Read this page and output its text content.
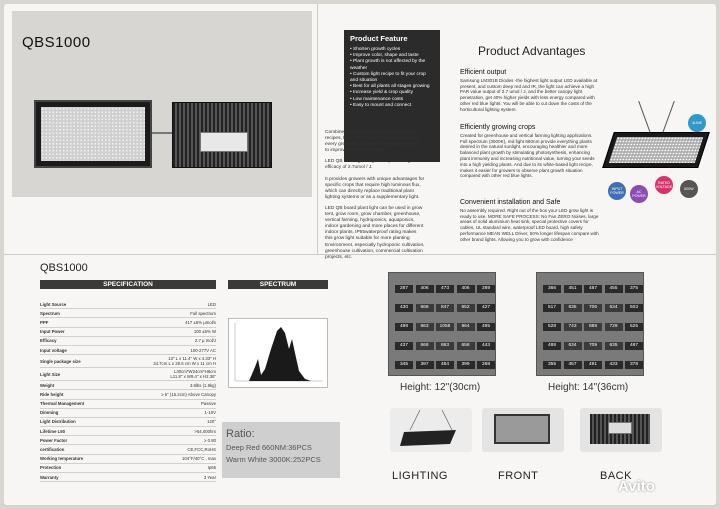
QBS1000	Product Feature
• Shorten growth cycles
• Improve color, shape and taste
• Plant growth is not affected by the weather
• Custom light recipe to fit your crop and situation
• Best for all plants all stages growing
• Increase yield & crop quality
• Low maintenance costs
• Easy to mount and connect

Combined with our professional custom light recipes, LED QB Board Grow Light provides every green-house grower new opportunities to improve quality and yield.

LED QB board grow light can provide light efficacy of 2.7umol / J.

It provides growers with unique advantages for specific crops that require high luminous flux, which can directly replace traditional plant lighting systems or as a supplementary light.

LED QB board plant light can be used in grow tent, grow room, grow chamber, greenhouse, vertical farming, hydroponics, aquaponics, indoor gardening and more places for different indoor plants. IP65waterproof rating makes this grow light suitable for more planting Environment, especially hydroponic cultivation, greenhouse cultivation, commercial cultivation projects, etc.

Product Advantages
Efficient output
Samsung LM301B Diodes -the highest light output LED available at present, and custom deep red and IR, the light can achieve a high PAR value output of 2.7 umol / J, and the better canopy light penetration, get 40% higher yields with less energy compared with other red blue lights. You will be able to cut down the costs of the horticultural lighting system.
Efficiently growing crops
Created for greenhouse and vertical farming lighting applications. Full spectrum (3000K), red light 660nm provide everything plants desired in the natural sunlight, encouraging healthier and more balanced plant growth by stimulating photosynthesis, enhancing plant immunity and increasing nutritional value, turning your seeds into a high yielding plants. And due to its white-based light recipe, makes it easier for growers to observe plant growth situation compared with other red blue lights.
Convenient installation and Safe
No assembly required. Right out of the box your LED grow light is ready to use. MORE SAFE PROCESS: No Fan ZERO Noises, large areas of solid aluminium heat sink, special protective covers for cables, UL standard wire, waterproof LED board, high safety performance MEAN WELL Driver, 50% longer lifespan compare with other brand lights. Allowing you to grow with confidence
INPUT POWER	AC POWER
RATED VOLTAGE
4LINE
600W
QBS1000
SPECIFICATION
Light Source	LED
Spectrum	Full spectrum
PPF	417 ±5% μmol/s
Input Power	100 ±5% W
Efficacy	2.7 μ mol/J
Input voltage	100-277V AC
Single package size	13" L x 11.4" W x 4.33" H
34.7cm L x 28.5 cm W x 11 cm H
Light Size	L30cm*W24cm*H6cm
L11.8" x W9.4" x H2.36"
Weight	3.9lbs (1.8kg)
Ride height	≥ 6" (15.2cm) Above Canopy
Thermal Management	Passive
Dimming	1-10V
Light Distribution	120°
Lifetime L50	>54,000hrs
Power Factor	≥ 0.80
certification	CE,FCC,RoHS
Working temperature	104°F/40°C , max
Protection	Ip65
Warranty	3 Year
SPECTRUM
Ratio:
Deep Red 660NM:36PCS
Warm White 3000K:252PCS
287	406	473	406	289
430	668	847	652	427
498	863	1058	864	495
437	668	863	658	443
345	397	484	399	268
Height: 12"(30cm)
366	451	487	455	375
517	635	706	634	503
528	743	889	729	525
488	634	709	635	487
355	457	491	433	378
Height: 14"(36cm)
LIGHTING	FRONT	BACK
Avito
